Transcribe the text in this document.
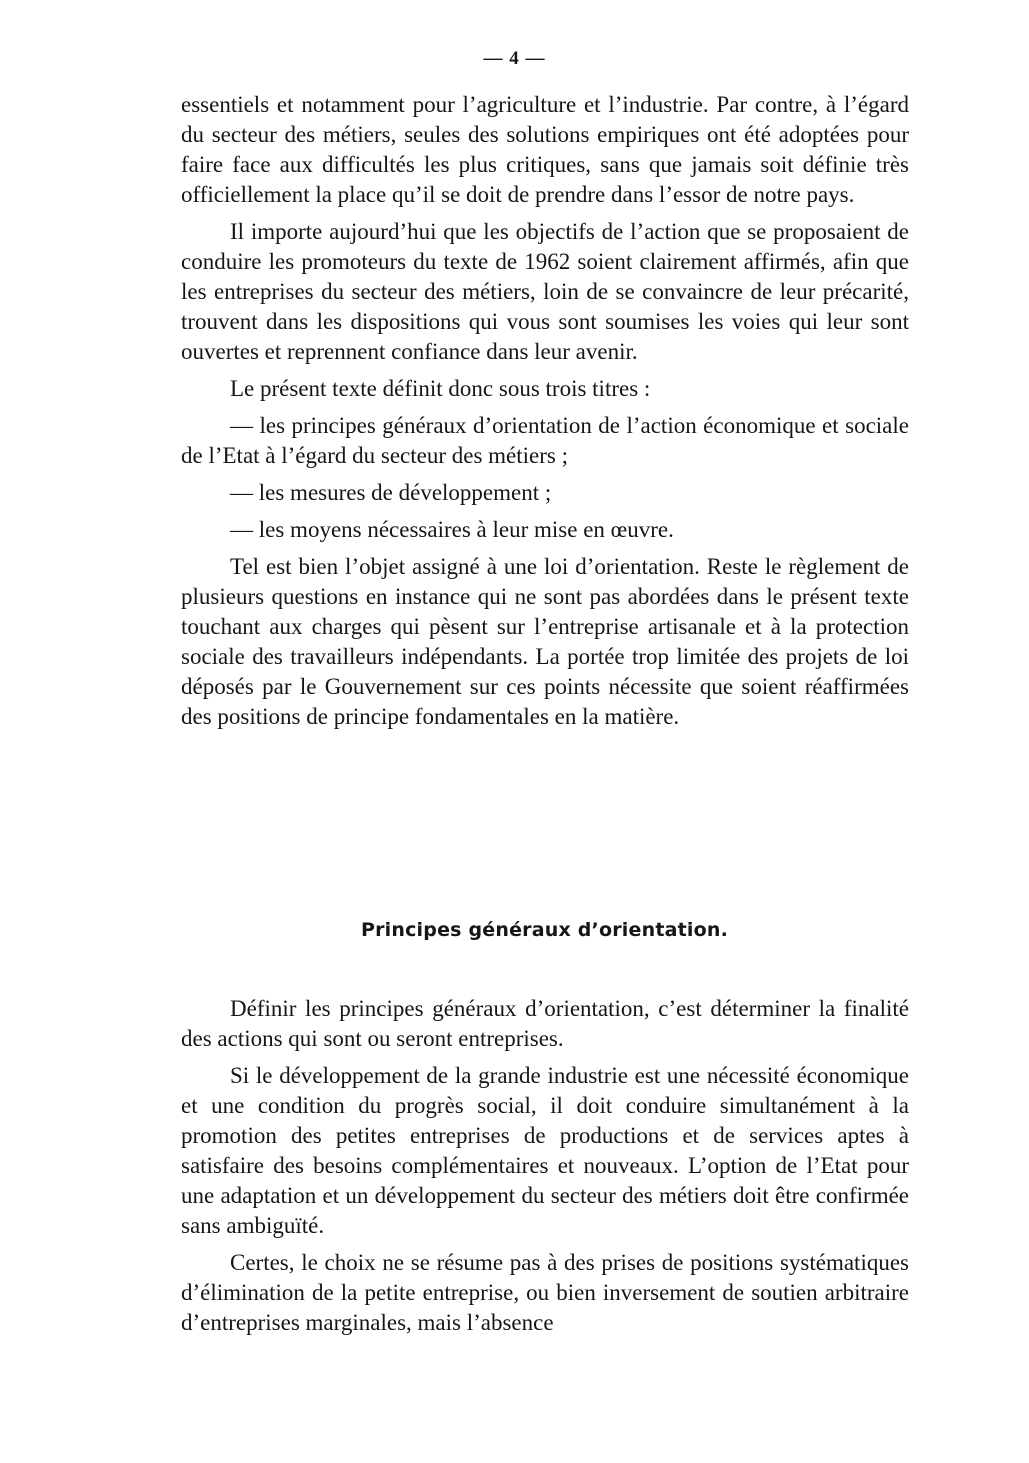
— 4 —

essentiels et notamment pour l’agriculture et l’industrie. Par contre, à l’égard du secteur des métiers, seules des solutions empiriques ont été adoptées pour faire face aux difficultés les plus critiques, sans que jamais soit définie très officiellement la place qu’il se doit de prendre dans l’essor de notre pays.

Il importe aujourd’hui que les objectifs de l’action que se proposaient de conduire les promoteurs du texte de 1962 soient clairement affirmés, afin que les entreprises du secteur des métiers, loin de se convaincre de leur précarité, trouvent dans les dispositions qui vous sont soumises les voies qui leur sont ouvertes et reprennent confiance dans leur avenir.

Le présent texte définit donc sous trois titres :

— les principes généraux d’orientation de l’action économique et sociale de l’Etat à l’égard du secteur des métiers ;

— les mesures de développement ;

— les moyens nécessaires à leur mise en œuvre.

Tel est bien l’objet assigné à une loi d’orientation. Reste le règlement de plusieurs questions en instance qui ne sont pas abordées dans le présent texte touchant aux charges qui pèsent sur l’entreprise artisanale et à la protection sociale des travailleurs indépendants. La portée trop limitée des projets de loi déposés par le Gouvernement sur ces points nécessite que soient réaffirmées des positions de principe fondamentales en la matière.

Principes généraux d’orientation.

Définir les principes généraux d’orientation, c’est déterminer la finalité des actions qui sont ou seront entreprises.

Si le développement de la grande industrie est une nécessité économique et une condition du progrès social, il doit conduire simultanément à la promotion des petites entreprises de productions et de services aptes à satisfaire des besoins complémentaires et nouveaux. L’option de l’Etat pour une adaptation et un développement du secteur des métiers doit être confirmée sans ambiguïté.

Certes, le choix ne se résume pas à des prises de positions systématiques d’élimination de la petite entreprise, ou bien inversement de soutien arbitraire d’entreprises marginales, mais l’absence
